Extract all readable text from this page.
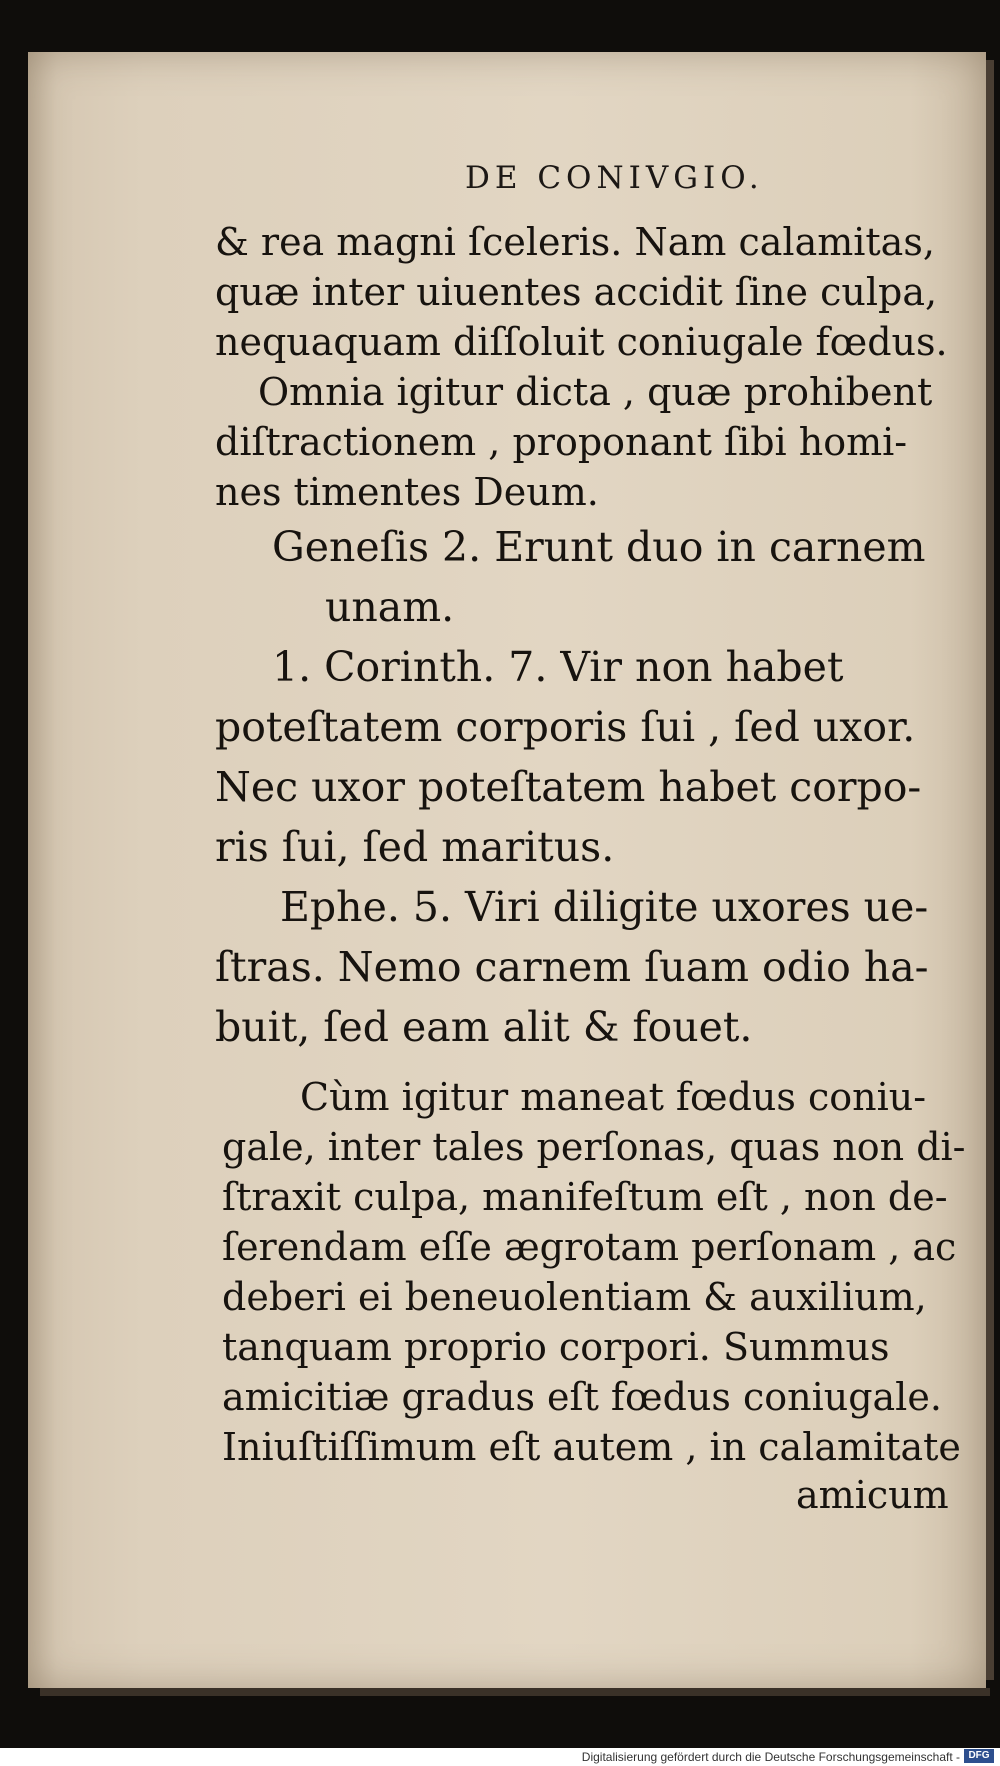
DE CONIVGIO.
& rea magni ſceleris. Nam calamitas,
quæ inter uiuentes accidit ſine culpa,
nequaquam diſſoluit coniugale fœdus.
Omnia igitur dicta , quæ prohibent
diſtractionem , proponant ſibi homi-
nes timentes Deum.
Geneſis 2. Erunt duo in carnem
unam.
1. Corinth. 7. Vir non habet
poteſtatem corporis ſui , ſed uxor.
Nec uxor poteſtatem habet corpo-
ris ſui, ſed maritus.
Ephe. 5. Viri diligite uxores ue-
ſtras. Nemo carnem ſuam odio ha-
buit, ſed eam alit & fouet.
Cùm igitur maneat fœdus coniu-
gale, inter tales perſonas, quas non di-
ſtraxit culpa, manifeſtum eſt , non de-
ſerendam eſſe ægrotam perſonam , ac
deberi ei beneuolentiam & auxilium,
tanquam proprio corpori. Summus
amicitiæ gradus eſt fœdus coniugale.
Iniuſtiſſimum eſt autem , in calamitate
amicum
Digitalisierung gefördert durch die Deutsche Forschungsgemeinschaft - DFG
